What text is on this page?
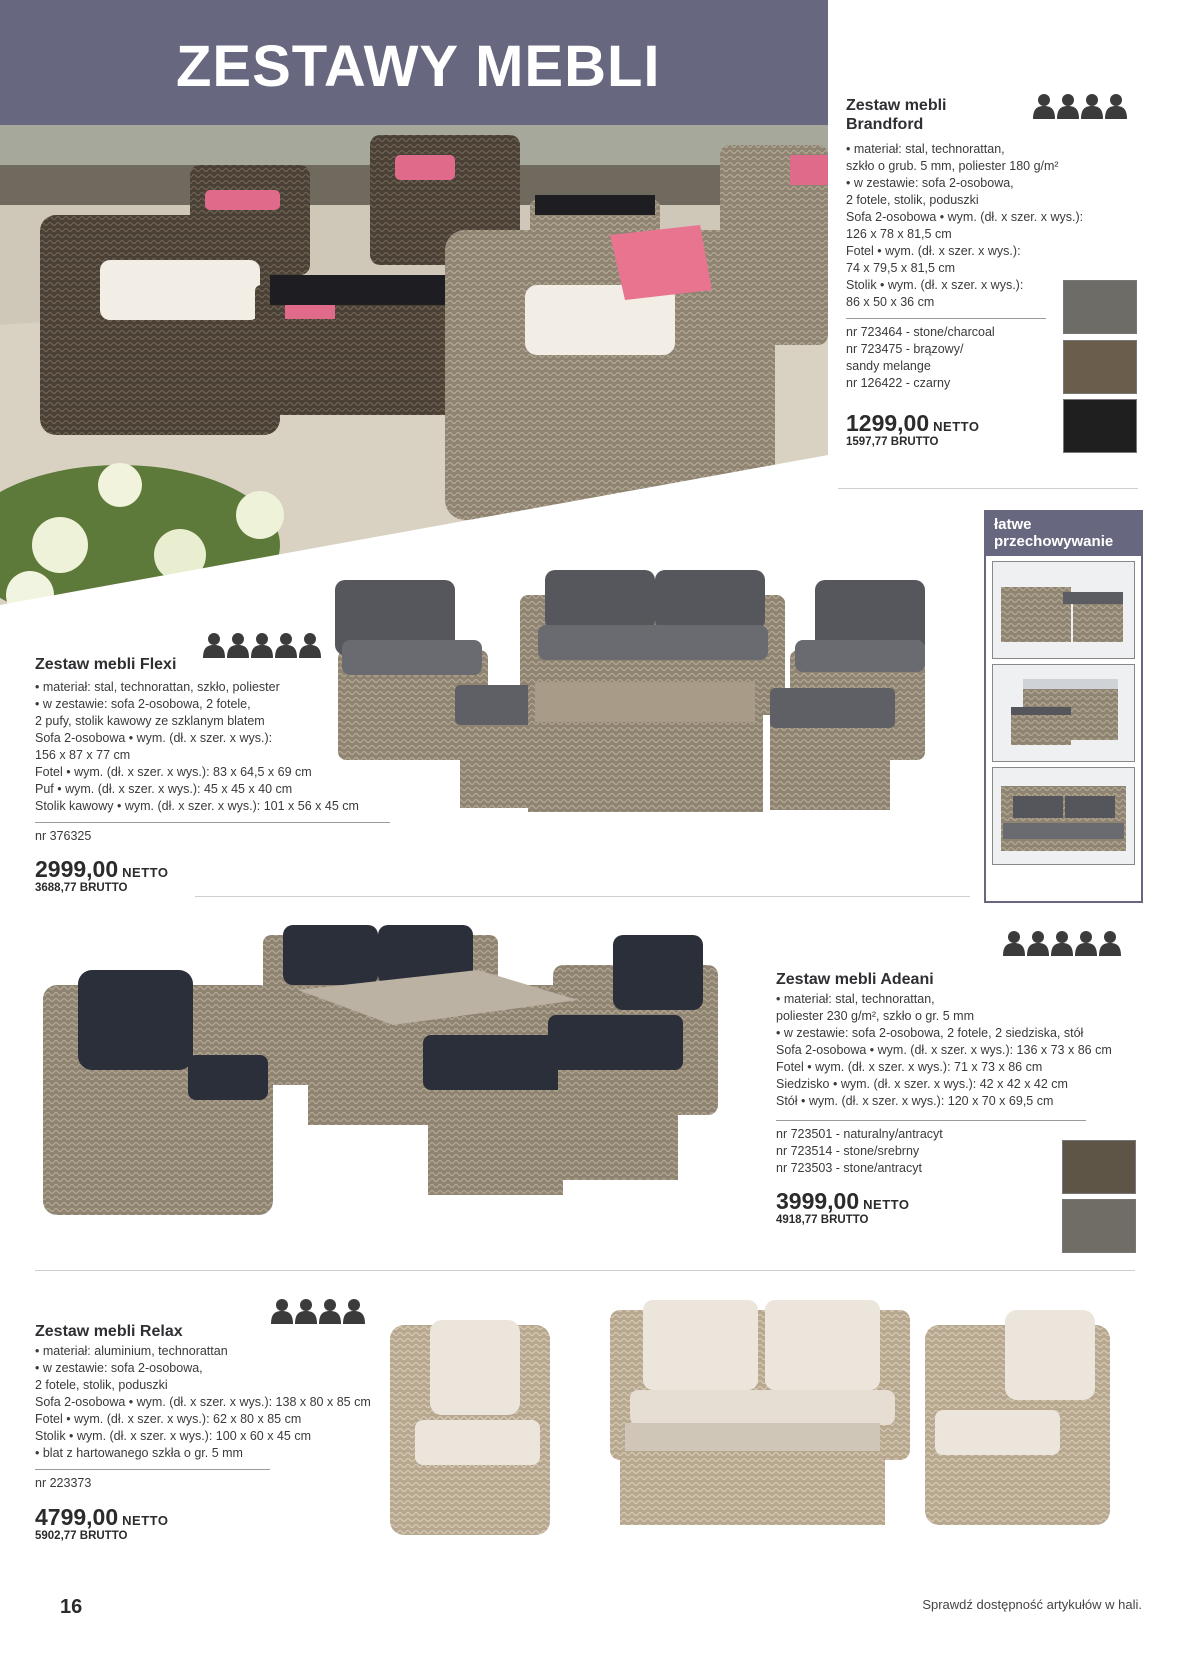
ZESTAWY MEBLI
Zestaw mebli
Brandford
• materiał: stal, technorattan,
szkło o grub. 5 mm, poliester 180 g/m²
• w zestawie: sofa 2-osobowa,
2 fotele, stolik, poduszki
Sofa 2-osobowa • wym. (dł. x szer. x wys.):
126 x 78 x 81,5 cm
Fotel • wym. (dł. x szer. x wys.):
74 x 79,5 x 81,5 cm
Stolik • wym. (dł. x szer. x wys.):
86 x 50 x 36 cm
nr 723464 - stone/charcoal
nr 723475 - brązowy/
sandy melange
nr 126422 - czarny
1299,00 NETTO
1597,77 BRUTTO
łatwe
przechowywanie
Zestaw mebli Flexi
• materiał: stal, technorattan, szkło, poliester
• w zestawie: sofa 2-osobowa, 2 fotele,
2 pufy, stolik kawowy ze szklanym blatem
Sofa 2-osobowa • wym. (dł. x szer. x wys.):
156 x 87 x 77 cm
Fotel • wym. (dł. x szer. x wys.): 83 x 64,5 x 69 cm
Puf • wym. (dł. x szer. x wys.): 45 x 45 x 40 cm
Stolik kawowy • wym. (dł. x szer. x wys.): 101 x 56 x 45 cm
nr 376325
2999,00 NETTO
3688,77 BRUTTO
Zestaw mebli Adeani
• materiał: stal, technorattan,
poliester 230 g/m², szkło o gr. 5 mm
• w zestawie: sofa 2-osobowa, 2 fotele, 2 siedziska, stół
Sofa 2-osobowa • wym. (dł. x szer. x wys.): 136 x 73 x 86 cm
Fotel • wym. (dł. x szer. x wys.): 71 x 73 x 86 cm
Siedzisko • wym. (dł. x szer. x wys.): 42 x 42 x 42 cm
Stół • wym. (dł. x szer. x wys.): 120 x 70 x 69,5 cm
nr 723501 - naturalny/antracyt
nr 723514 - stone/srebrny
nr 723503 - stone/antracyt
3999,00 NETTO
4918,77 BRUTTO
Zestaw mebli Relax
• materiał: aluminium, technorattan
• w zestawie: sofa 2-osobowa,
2 fotele, stolik, poduszki
Sofa 2-osobowa • wym. (dł. x szer. x wys.): 138 x 80 x 85 cm
Fotel • wym. (dł. x szer. x wys.): 62 x 80 x 85 cm
Stolik • wym. (dł. x szer. x wys.): 100 x 60 x 45 cm
• blat z hartowanego szkła o gr. 5 mm
nr 223373
4799,00 NETTO
5902,77 BRUTTO
16	Sprawdź dostępność artykułów w hali.
